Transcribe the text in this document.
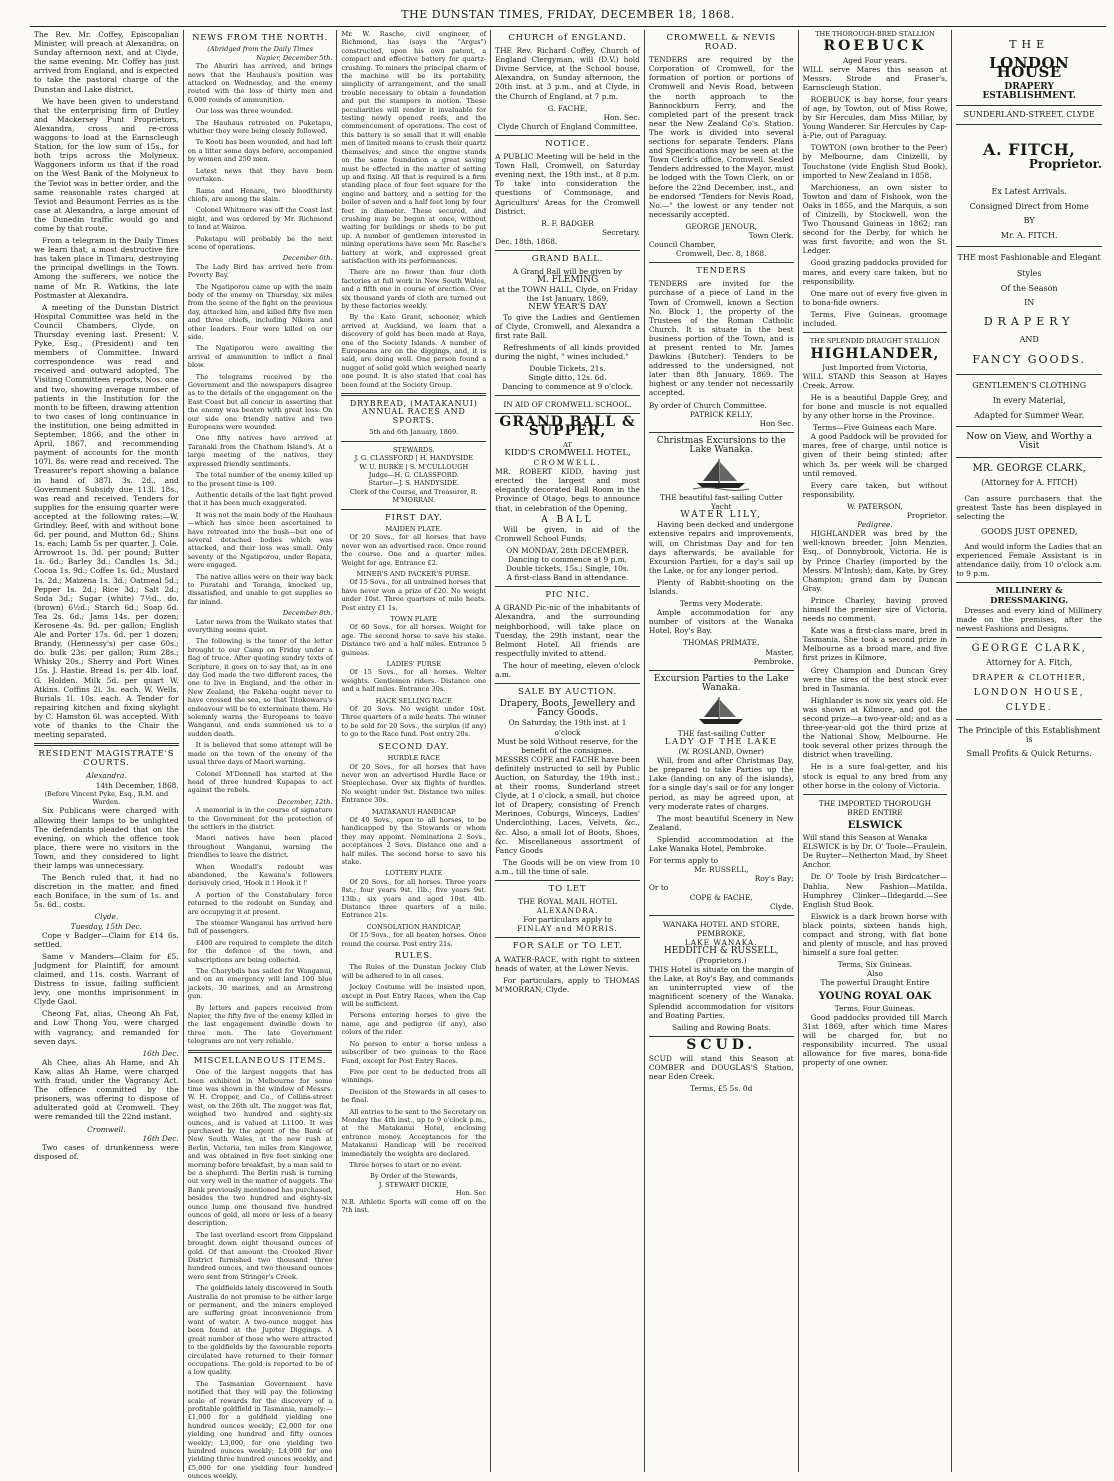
THE DUNSTAN TIMES, FRIDAY, DECEMBER 18, 1868.

The Rev. Mr. Coffey, Episcopalian Minister, will preach at Alexandra, on Sunday afternoon next, and at Clyde, the same evening. Mr. Coffey has just arrived from England, and is expected to take the pastoral charge of the Dunstan and Lake district.

We have been given to understand that the enterprising firm of Dutley and Mackersey Punt Proprietors, Alexandra, cross and re-cross waggons to load at the Earnscleugh Station, for the low sum of 15s., for both trips across the Molyneux. Waggoners inform us that if the road on the West Bank of the Molyneux to the Teviot was in better order, and the same reasonable rates charged at Teviot and Beaumont Ferries as is the case at Alexandra, a large amount of the Dunedin traffic would go and come by that route.

From a telegram in the Daily Times we learn that, a most destructive fire has taken place in Timaru, destroying the principal dwellings in the Town. Among the sufferers, we notice the name of Mr. R. Watkins, the late Postmaster at Alexandra.

A meeting of the Dunstan District Hospital Committee was held in the Council Chambers, Clyde, on Thursday evening last. Present: V. Pyke, Esq., (President) and ten members of Committee. Inward correspondence was read and received and outward adopted. The Visiting Committees reports, Nos. one and two, showing average number of patients in the Institution for the month to be fifteen, drawing attention to two cases of long continuance in the institution, one being admitted in September, 1866, and the other in April, 1867, and recommending payment of accounts for the month 107l. 8s. were read and received. The Treasurer's report showing a balance in hand of 387l. 3s. 2d., and Government Subsidy due 113l. 18s., was read and received. Tenders for supplies for the ensuing quarter were accepted at the following rates:—W. Grindley. Beef, with and without bone 6d. per pound, and Mutton 6d.; Shins 1s. each; Lamb 5s per quarter. J. Cole. Arrowroot 1s. 3d. per pound; Butter 1s. 6d.; Barley 3d.; Candles 1s. 3d.; Cocoa 1s. 9d.; Coffee 1s. 6d.; Mustard 1s. 2d.; Maizena 1s. 3d.; Oatmeal 5d.; Pepper 1s. 2d.; Rice 3d.; Salt 2d.; Soda 3d.; Sugar (white) 7½d., do. (brown) 6½d.; Starch 6d.; Soap 6d. Tea 2s. 6d.; Jams 14s. per dozen; Kerosene 4s. 9d. per gallon; English Ale and Porter 17s. 6d. per 1 dozen; Brandy, (Hennessy's) per case 60s.; do. bulk 23s. per gallon; Rum 28s.; Whisky 20s.; Sherry and Port Wines 15s. J. Hastie. Bread 1s. per 4lb. loaf. G. Holden. Milk 5d. per quart W. Atkins. Coffins 2l. 3s. each. W. Wells. Burials 1l. 10s. each. A Tender for repairing kitchen and fixing skylight by C. Hamston 6l. was accepted. With vote of thanks to the Chair the meeting separated.

RESIDENT MAGISTRATE'S COURTS.
Alexandra.
14th December, 1868.
(Before Vincent Pyke, Esq., R.M. and Warden.

Six Publicans were charged with allowing their lamps to be unlighted The defendants pleaded that on the evening, on which the offence took place, there were no visitors in the Town, and they considered to light their lamps was unnecessary.

The Bench ruled that, it had no discretion in the matter, and fined each Boniface, in the sum of 1s. and 5s. 6d., costs.

Clyde.
Tuesday, 15th Dec.

Cope v Badger—Claim for £14 6s. settled.

Same v Manders—Claim for £5. Judgment for Plaintiff, for amount claimed, and 11s. costs. Warrant of Distress to issue, failing sufficient levy, one months imprisonment in Clyde Gaol.

Cheong Fat, alias, Cheong Ah Fat, and Low Thong You, were charged with vagrancy, and remanded for seven days.

16th Dec.

Ah Chee, alias Ah Hame, and Ah Kaw, alias Ah Hame, were charged with fraud, under the Vagrancy Act. The offence committed by the prisoners, was offering to dispose of adulterated gold at Cromwell. They were remanded till the 22nd instant.

Cromwell.
16th Dec.

Two cases of drunkenness were disposed of.

NEWS FROM THE NORTH.
(Abridged from the Daily Times
Napier, December 5th.

The Ahuriri has arrived, and brings news that the Hauhaus's position was attacked on Wednesday, and the enemy routed with the loss of thirty men and 6,000 rounds of ammunition.

Our loss was three wounded.

The Hauhaus retreated on Puketapu, whither they were being closely followed.

Te Kooti has been wounded, and had left on a litter some days before, accompanied by women and 250 men.

Latest news that they have been overtaken.

Rama and Henare, two bloodthirsty chiefs, are among the slain.

Colonel Whitmore was off the Coast last night, and was ordered by Mr. Richmond to land at Wairoa.

Puketapu will probably be the next scene of operations.

December 6th.

The Lady Bird has arrived here from Poverty Bay.

The Ngatiporou came up with the main body of the enemy on Thursday, six miles from the scene of the fight on the previous day, attacked him, and killed fifty five men and three chiefs, including Nikora and other leaders. Four were killed on our side.

The Ngatiporou were awaiting the arrival of ammunition to inflict a final blow.

The telegrams received by the Government and the newspapers disagree as to the details of the engagement on the East Coast but all concur in asserting that the enemy was beaten with great loss. On our side one friendly native and two Europeans were wounded.

One fifty natives have arrived at Taranaki from the Chatham Island's. At a large meeting of the natives, they expressed friendly sentiments.

The total number of the enemy killed up to the present time is 109.

Authentic details of the last fight proved that it has been much exaggerated.

It was not the main body of the Hauhaus —which has since been ascertained to have retreated into the bush—but one of several detached bodies which was attacked, and their loss was small. Only seventy of the Ngatiporou, under Ropata, were engaged.

The native allies were on their way back to Puratahi and Toranga, knocked up, dissatisfied, and unable to get supplies so far inland.

December 8th.

Later news from the Waikato states that everything seems quiet.

The following is the tenor of the letter brought to our Camp on Friday under a flag of truce. After quoting sundry texts of Scripture, it goes on to say that, as in one day God made the two different races, the one to live in England, and the other in New Zealand, the Pakeha ought never to have crossed the sea, so that Titokowaru's endeavour will be to exterminate them. He solemnly warns the Europeans to leave Wanganui, and ends summoned us to a sudden death.

It is believed that some attempt will be made on the town of the enemy of the usual three days of Maori warning.

Colonel M'Donnell has started at the head of three hundred Kupapas to act against the rebels.

December, 12th.

A memorial is in the course of signature to the Government for the protection of the settlers in the district.

Maori natives have been placed throughout Wanganui, warning the friendlies to leave the district.

When Woodall's redoubt was abandoned, the Kawana's followers derisively cried, 'Hook it ! Hook it !'

A portion of the Constabulary force returned to the redoubt on Sunday, and are occupying it at present.

The steamer Wanganui has arrived here full of passengers.

£400 are required to complete the ditch for the defence of the town, and subscriptions are being collected.

The Charybdis has sailed for Wanganui, and on an emergency will land 100 blue jackets, 30 marines, and an Armstrong gun.

By letters and papers received from Napier, the fifty five of the enemy killed in the last engagement dwindle down to three men. The late Government telegrams are not very reliable.

MISCELLANEOUS ITEMS.

One of the largest nuggets that has been exhibited in Melbourne for some time was shown in the window of Messrs. W. H. Cropper, and Co., of Collins-street west, on the 26th ult. The nugget was flat, weighed two hundred and eighty-six ounces, and is valued at L1100. It was purchased by the agent of the Bank of New South Wales, at the new rush at Berlin, Victoria, ten miles from Kingower, and was obtained in five feet sinking one morning before breakfast, by a man said to be a shepherd. The Berlin rush is turning out very well in the matter of nuggets. The Bank previously mentioned has purchased, besides the two hundred and eighty-six ounce lump one thousand five hundred ounces of gold, all more or less of a heavy description.

The last overland escort from Gippsland brought down eight thousand ounces of gold. Of that amount the Crooked River District furnished two thousand three hundred ounces, and two thousand ounces were sent from Stringer's Creek.

The goldfields lately discovered in South Australia do not promise to be either large or permanent, and the miners employed are suffering great inconvenience from want of water. A two-ounce nugget has been found at the Jupiter Diggings. A great number of those who were attracted to the goldfields by the favourable reports circulated have returned to their former occupations. The gold is reported to be of a low quality.

The Tasmanian Government have notified that they will pay the following scale of rewards for the discovery of a profitable goldfield in Tasmania, namely:—£1,000 for a goldfield yielding one hundred ounces weekly; £2,000 for one yielding one hundred and fifty ounces weekly; L3,000, for one yielding two hundred ounces weekly; L4,000 for one yielding three hundred ounces weekly, and £5,000 for one yielding four hundred ounces weekly.

Mr. W. Rasche, civil engineer, of Richmond, has (says the "Argus") constructed, upon his own patent, a compact and effective battery for quartz-crushing. To miners the principal charm of the machine will be its portability, simplicity of arrangement, and the small trouble necessary to obtain a foundation and put the stampers in motion. These peculiarities will render it invaluable for testing newly opened reefs, and the commencement of operations. The cost of this battery is so small that it will enable men of limited means to crush their quartz themselves; and since the engine stands on the same foundation a great saving must be effected in the matter of setting up and fixing. All that is required is a firm standing place of four feet square for the engine and battery, and a setting for the boiler of seven and a half feet long by four feet in diameter. These secured, and crushing may be begun at once, without waiting for buildings or sheds to be put up. A number of gentlemen interested in mining operations have seen Mr. Rasche's battery at work, and expressed great satisfaction with its performances.

There are no fewer than four cloth factories at full work in New South Wales, and a fifth one in course of erection. Over six thousand yards of cloth are turned out by these factories weekly.

By the Kate Grant, schooner, which arrived at Auckland, we learn that a discovery of gold has been made at Raya, one of the Society Islands. A number of Europeans are on the diggings, and, it is said, are doing well. One person found a nugget of solid gold which weighed nearly one pound. It is also stated that coal has been found at the Society Group.

DRYBREAD, (MATAKANUI) ANNUAL RACES AND SPORTS.
5th and 6th January, 1869.
STEWARDS.
J. G. CLASSFORD | H. HANDYSIDE
W. U. BURKE | S. M'CULLOUGH
Judge—H. G. CLASSFORD.
Starter—J. S. HANDYSIDE.
Clerk of the Course, and Treasurer, R. M'MORRAN.
FIRST DAY.
MAIDEN PLATE.

Of 20 Sovs., for all horses that have never won an advertised race. Once round the course. One and a quarter miles. Weight for age. Entrance £2.

MINER'S AND PACKER'S PURSE.

Of 15 Sovs., for all untrained horses that have never won a prize of £20. No weight under 10st. Three quarters of mile heats. Post entry £1 1s.

TOWN PLATE

Of 60 Sovs., for all horses. Weight for age. The second horse to save his stake. Distance two and a half miles. Entrance 5 guineas.

LADIES' PURSE

Of 15 Sovs., for all horses. Welter weights. Gentlemen riders. Distance one and a half miles. Entrance 30s.

HACK SELLING RACE

Of 20 Sovs. No weight under 10st. Three quarters of a mile heats. The winner to be sold for 20 Sovs., the surplus (if any) to go to the Race fund. Post entry 20s.

SECOND DAY.
HURDLE RACE

Of 20 Sovs., for all horses that have never won an advertised Hurdle Race or Steeplechase. Over six flights of hurdles. No weight under 9st. Distance two miles. Entrance 30s.

MATAKANUI HANDICAP

Of 40 Sovs., open to all horses, to be handicapped by the Stewards or whom they may appoint. Nominations 2 Sovs., acceptances 2 Sovs. Distance one and a half miles. The second horse to save his stake.

LOTTERY PLATE

Of 20 Sovs., for all horses. Three years 8st.; four years 9st. 1lb.; five years 9st. 13lb.; six years and aged 10st. 4lb. Distance three quarters of a mile. Entrance 21s.

CONSOLATION HANDICAP,

Of 15 Sovs., for all beaten horses. Once round the course. Post entry 21s.

RULES.

The Rules of the Dunstan Jockey Club will be adhered to in all cases.

Jockey Costume will be insisted upon, except in Post Entry Races, when the Cap will be sufficient.

Persons entering horses to give the name, age and pedigree (if any), also colors of the rider.

No person to enter a horse unless a subscriber of two guineas to the Race Fund, except for Post Entry Races.

Five per cent to be deducted from all winnings.

Decision of the Stewards in all cases to be final.

All entries to be sent to the Secretary on Monday the 4th inst., up to 9 o'clock p.m., at the Matakanui Hotel, enclosing entrance money. Acceptances for the Matakanui Handicap will be received immediately the weights are declared.

Three horses to start or no event.

By Order of the Stewards,
J. STEWART DICKIE,
Hon. Sec

N.B. Athletic Sports will come off on the 7th inst.

CHURCH of ENGLAND.

THE Rev. Richard Coffey, Church of England Clergyman, will (D.V.) hold Divine Service, at the School house, Alexandra, on Sunday afternoon, the 20th inst. at 3 p.m., and at Clyde, in the Church of England, at 7 p.m.

G. FACHE,
Hon. Sec.
Clyde Church of England Committee.
NOTICE.

A PUBLIC Meeting will be held in the Town Hall, Cromwell, on Saturday evening next, the 19th inst., at 8 p.m. To take into consideration the questions of Commonage, and Agriculturs' Areas for the Cromwell District.

R. F. BADGER
Secretary.
Dec. 18th, 1868.
GRAND BALL.
A Grand Ball will be given by
M. FLEMING
at the TOWN HALL, Clyde, on Friday the 1st January, 1869,
NEW YEAR'S DAY

To give the Ladies and Gentlemen of Clyde, Cromwell, and Alexandra a first rate Ball.

Refreshments of all kinds provided during the night, " wines included."

Double Tickets, 21s.
Single ditto, 12s. 6d.
Dancing to commence at 9 o'clock.
IN AID OF CROMWELL SCHOOL.
GRAND BALL & SUPPER,
AT
KIDD'S CROMWELL HOTEL,
CROMWELL.

MR. ROBERT KIDD, having just erected the largest and most elegantly decorated Ball Room in the Province of Otago, begs to announce that, in celebration of the Opening,

A BALL

Will be given, in aid of the Cromwell School Funds,

ON MONDAY, 28th DECEMBER.
Dancing to commence at 9 p.m.
Double tickets, 15s.; Single, 10s.
A first-class Band in attendance.
PIC NIC.

A GRAND Pic-nic of the inhabitants of Alexandra, and the surrounding neighborhood, will take place on Tuesday, the 29th instant, near the Belmont Hotel. All friends are respectfully invited to attend.

The hour of meeting, eleven o'clock a.m.

SALE BY AUCTION.
Drapery, Boots, Jewellery and Fancy Goods.
On Saturday, the 19th inst. at 1 o'clock
Must be sold Without reserve, for the benefit of the consignee.

MESSRS COPE and FACHE have been definitely instructed to sell by Public Auction, on Saturday, the 19th inst.; at their rooms, Sunderland street Clyde, at 1 o'clock, a small, but choice lot of Drapery, consisting of French Merinoes, Coburgs, Winceys, Ladies' Underclothing, Laces, Velvets, &c., &c. Also, a small lot of Boots, Shoes, &c. Miscellaneous assortment of Fancy Goods

The Goods will be on view from 10 a.m., till the time of sale.

TO LET
THE ROYAL MAIL HOTEL
ALEXANDRA.
For particulars apply to
FINLAY and MORRIS.
FOR SALE or TO LET.

A WATER-RACE, with right to sixteen heads of water, at the Lower Nevis.

For particulars, apply to THOMAS M'MORRAN, Clyde.

CROMWELL & NEVIS ROAD.

TENDERS are required by the Corporation of Cromwell, for the formation of portion or portions of Cromwell and Nevis Road, between the north approach to the Bannockburn Ferry, and the completed part of the present track near the New Zealand Co's. Station. The work is divided into several sections for separate Tenders. Plans and Specifications may be seen at the Town Clerk's office, Cromwell. Sealed Tenders addressed to the Mayor, must be lodged with the Town Clerk, on or before the 22nd December, inst., and be endorsed "Tenders for Nevis Road, No.—" the lowest or any tender not necessarily accepted.

GEORGE JENOUR,
Town Clerk.
Council Chamber,
Cromwell, Dec. 8, 1868.
TENDERS

TENDERS are invited for the purchase of a piece of Land in the Town of Cromwell, known a Section No. Block 1, the property of the Trustees of the Roman Catholic Church. It is situate in the best business portion of the Town, and is at present rented to Mr. James Dawkins (Butcher). Tenders to be addressed to the undersigned, not later than 8th January, 1869. The highest or any tender not necessarily accepted.

By order of Church Committee.
PATRICK KELLY,
Hon Sec.
Christmas Excursions to the Lake Wanaka.
THE beautiful fast-sailing Cutter Yacht
WATER LILY,

Having been decked and undergone extensive repairs and improvements, will, on Christmas Day and for ten days afterwards, be available for Excursion Parties, for a day's sail up the Lake, or for any longer period.

Plenty of Rabbit-shooting on the Islands.

Terms very Moderate.

Ample accommodation for any number of visitors at the Wanaka Hotel, Roy's Bay.

THOMAS PRIMATE,
Master,
Pembroke.
Excursion Parties to the Lake Wanaka.
THE fast-sailing Cutter
LADY OF THE LAKE
(W. ROSLAND, Owner)

Will, from and after Christmas Day, be prepared to take Parties up the Lake (landing on any of the islands), for a single day's sail or for any longer period, as may be agreed upon, at very moderate rates of charges.

The most beautiful Scenery in New Zealand.

Splendid accommodation at the Lake Wanaka Hotel, Pembroke.

For terms apply to
Mr. RUSSELL,
Roy's Bay;
Or to
COPE & FACHE,
Clyde.
WANAKA HOTEL AND STORE,
PEMBROKE,
LAKE WANAKA.
HEDDITCH & RUSSELL,
(Proprietors.)

THIS Hotel is situate on the margin of the Lake, at Roy's Bay, and commands an uninterrupted view of the magnificent scenery of the Wanaka. Splendid accommodation for visitors and Boating Parties.

Sailing and Rowing Boats.
SCUD.

SCUD will stand this Season at COMBER and DOUGLAS'S Station, near Eden Creek.

Terms, £5 5s. 0d
THE THOROUGH-BRED STALLION
ROEBUCK
Aged Four years.

WILL serve Mares this season at Messrs. Strode and Fraser's, Earnscleugh Station.

ROEBUCK is bay horse, four years of age, by Towton, out of Miss Rowe, by Sir Hercules, dam Miss Millar, by Young Wanderer. Sir Hercules by Cap-à-Pie, out of Paraguay.

TOWTON (own brother to the Peer) by Melbourne, dam Cinizelli, by Touchstone (vide English Stud Book), imported to New Zealand in 1858.

Marchioness, an own sister to Towton and dam of Fishook, won the Oaks in 1855, and the Marquis, a son of Cinizelli, by Stockwell, won the Two Thousand Guineas in 1862; ran second for the Derby, for which he was first favorite; and won the St. Ledger.

Good grazing paddocks provided for mares, and every care taken, but no responsibility.

One mare out of every five given in to bona-fide owners.

Terms, Five Guineas, groomage included.

THE SPLENDID DRAUGHT STALLION
HIGHLANDER,
Just Imported from Victoria,

WILL STAND this Season at Hayes Creek, Arrow.

He is a beautiful Dapple Grey, and for bone and muscle is not equalled by any other horse in the Province.

Terms—Five Guineas each Mare.

A good Paddock will be provided for mares, free of charge, until notice is given of their being stinted; after which 3s. per week will be charged until removed.

Every care taken, but without responsibility.

W. PATERSON,
Proprietor.
Pedigree.

HIGHLANDER was bred by the well-known breeder, John Menzies, Esq., of Donnybrook, Victoria. He is by Prince Charley (imported by the Messrs. M'Intosh); dam, Kate, by Grey Champion; grand dam by Duncan Gray.

Prince Charley, having proved himself the premier sire of Victoria, needs no comment.

Kate was a first-class mare, bred in Tasmania. She took a second prize in Melbourne as a brood mare, and five first prizes in Kilmore.

Grey Champion and Duncan Grey were the sires of the best stock ever bred in Tasmania.

Highlander is now six years old. He was shown at Kilmore, and got the second prize—a two-year-old; and as a three-year-old got the third prize at the National Show, Melbourne. He took several other prizes through the district when travelling.

He is a sure foal-getter, and his stock is equal to any bred from any other horse in the colony of Victoria.

THE IMPORTED THOROUGH
BRED ENTIRE
ELSWICK
Will stand this Season at Wanaka

ELSWICK is by Dr. O' Toole—Fraulein, De Ruyter—Netherton Maid, by Sheet Anchor.

Dr. O' Toole by Irish Birdcatcher—Dahlia, New Fashion—Matilda, Humphrey Clinker—Ildegardd.—See English Stud Book.

Elswick is a dark brown horse with black points, sixteen hands high, compact and strong, with flat bone and plenty of muscle, and has proved himself a sure foal getter.

Terms, Six Guineas.
Also
The powerful Draught Entire
YOUNG ROYAL OAK
Terms, Four Guineas.

Good paddocks provided till March 31st 1869, after which time Mares will be charged for, but no responsibility incurred. The usual allowance for five mares, bona-fide property of one owner.

THE
LONDON HOUSE
DRAPERY ESTABLISHMENT.
SUNDERLAND-STREET, CLYDE
A. FITCH,
Proprietor.
Ex Latest Arrivals.
Consigned Direct from Home
BY
Mr. A. FITCH.
THE most Fashionable and Elegant
Styles
Of the Season
IN
DRAPERY
AND
FANCY GOODS.
GENTLEMEN'S CLOTHING
In every Material,
Adapted for Summer Wear.
Now on View, and Worthy a Visit
MR. GEORGE CLARK,
(Attorney for A. FITCH)

Can assure purchasers that the greatest Taste has been displayed in selecting the

GOODS JUST OPENED,

And would inform the Ladies that an experienced Female Assistant is in attendance daily, from 10 o'clock a.m. to 9 p.m.

MILLINERY & DRESSMAKING.

Dresses and every kind of Millinery made on the premises, after the newest Fashions and Designs.

GEORGE CLARK,
Attorney for A. Fitch,
DRAPER & CLOTHIER,
LONDON HOUSE,
CLYDE.
The Principle of this Establishment is
Small Profits & Quick Returns.
